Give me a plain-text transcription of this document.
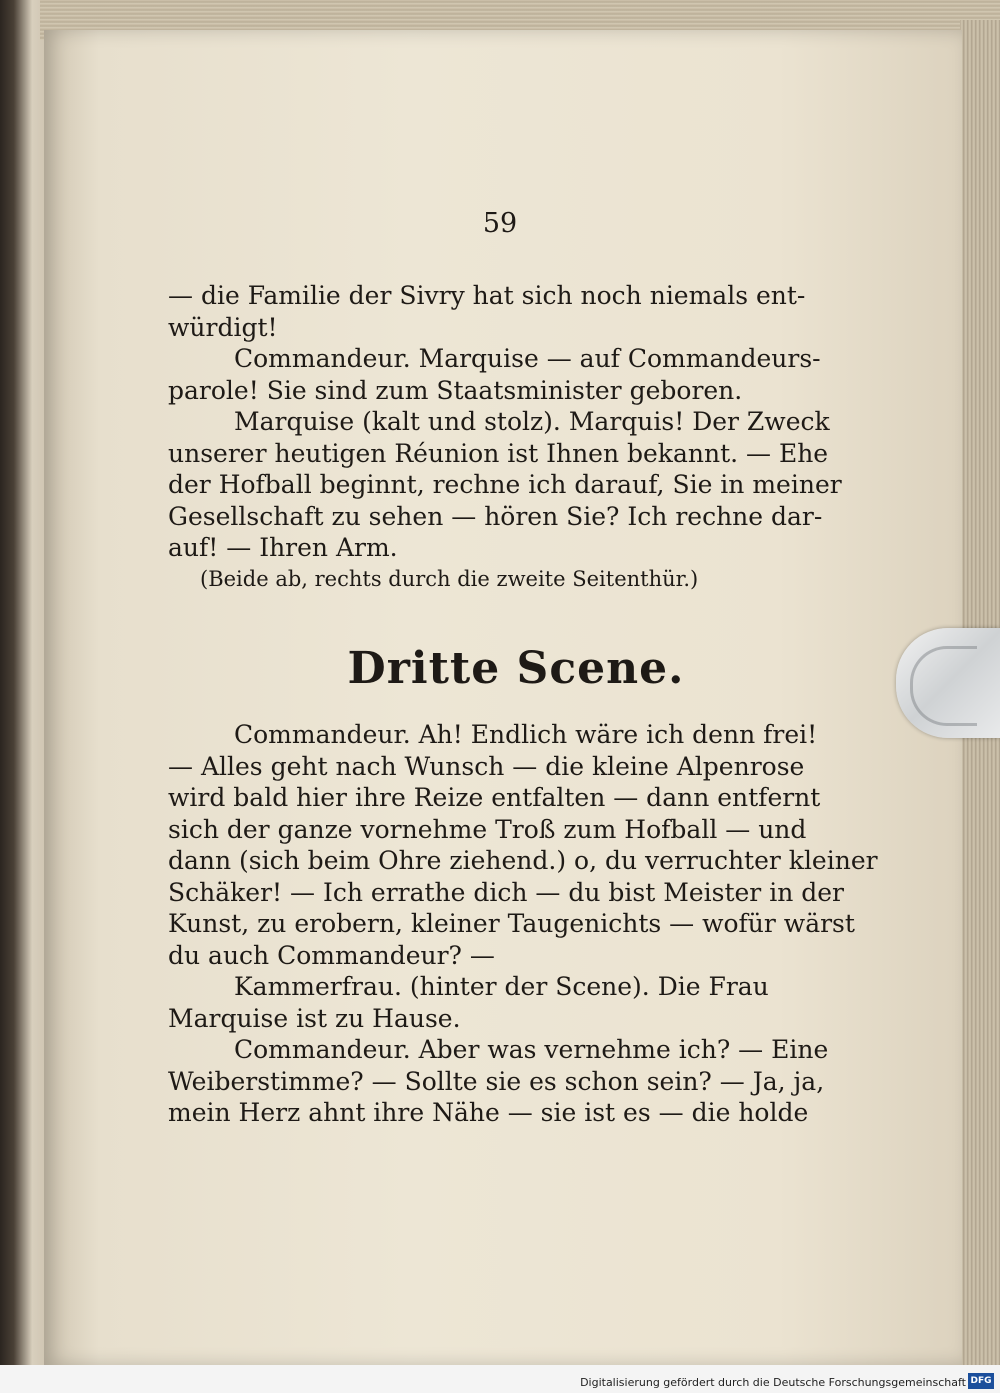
59
— die Familie der Sivry hat sich noch niemals ent-
würdigt!
Commandeur. Marquise — auf Commandeurs-
parole! Sie sind zum Staatsminister geboren.
Marquise (kalt und stolz). Marquis! Der Zweck
unserer heutigen Réunion ist Ihnen bekannt. — Ehe
der Hofball beginnt, rechne ich darauf, Sie in meiner
Gesellschaft zu sehen — hören Sie? Ich rechne dar-
auf! — Ihren Arm.
(Beide ab, rechts durch die zweite Seitenthür.)
Dritte Scene.
Commandeur. Ah! Endlich wäre ich denn frei!
— Alles geht nach Wunsch — die kleine Alpenrose
wird bald hier ihre Reize entfalten — dann entfernt
sich der ganze vornehme Troß zum Hofball — und
dann (sich beim Ohre ziehend.) o, du verruchter kleiner
Schäker! — Ich errathe dich — du bist Meister in der
Kunst, zu erobern, kleiner Taugenichts — wofür wärst
du auch Commandeur? —
Kammerfrau. (hinter der Scene). Die Frau
Marquise ist zu Hause.
Commandeur. Aber was vernehme ich? — Eine
Weiberstimme? — Sollte sie es schon sein? — Ja, ja,
mein Herz ahnt ihre Nähe — sie ist es — die holde
Digitalisierung gefördert durch die Deutsche Forschungsgemeinschaft DFG
